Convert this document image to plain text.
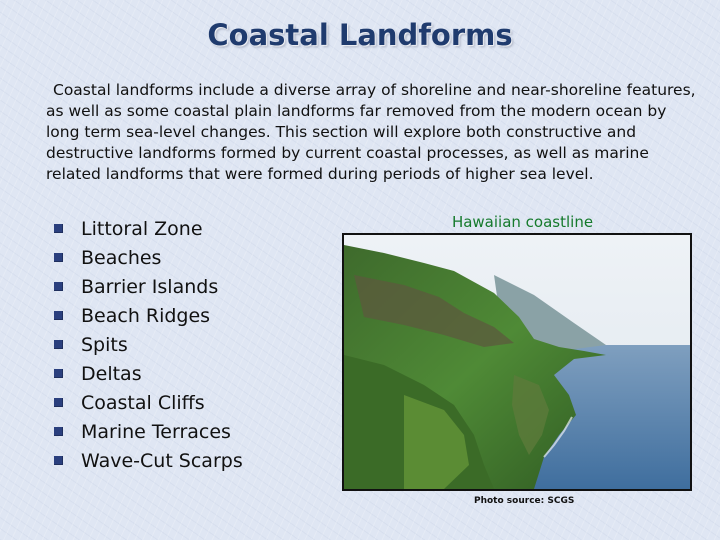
Coastal Landforms
Coastal landforms include a diverse array of shoreline and near-shoreline features, as well as some coastal plain landforms far removed from the modern ocean by long term sea-level changes. This section will explore both constructive and destructive landforms formed by current coastal processes, as well as marine related landforms that were formed during periods of higher sea level.
Littoral Zone
Beaches
Barrier Islands
Beach Ridges
Spits
Deltas
Coastal Cliffs
Marine Terraces
Wave-Cut Scarps
Hawaiian coastline
Photo source: SCGS
